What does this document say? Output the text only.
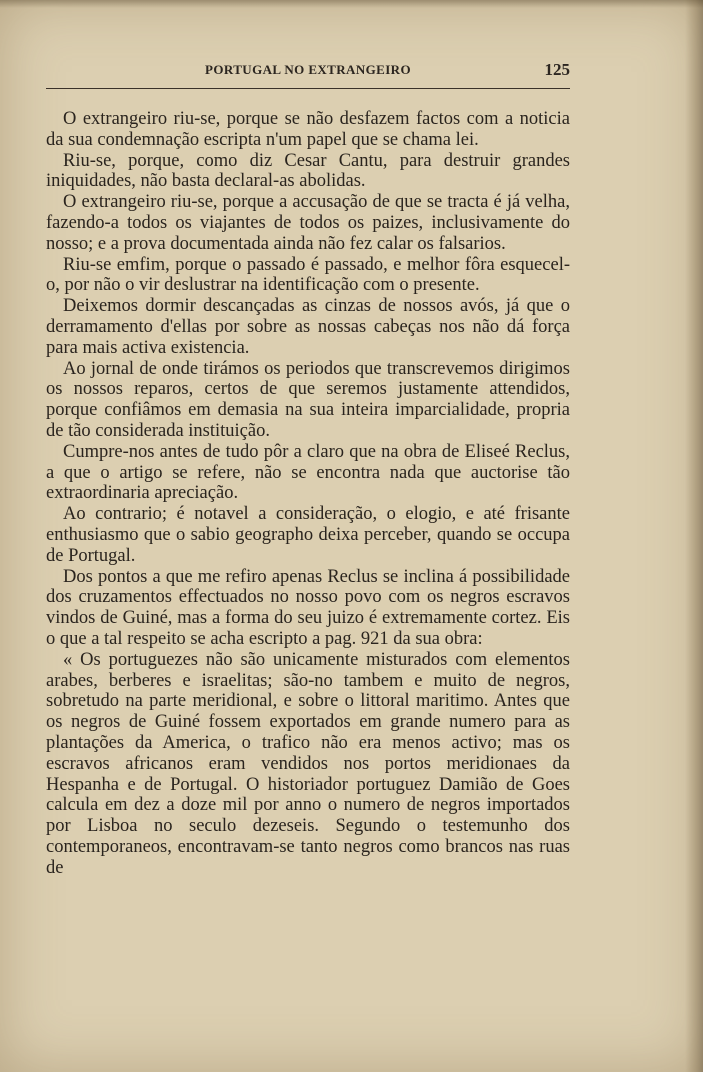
PORTUGAL NO EXTRANGEIRO	125

O extrangeiro riu-se, porque se não desfazem factos com a noticia da sua condemnação escripta n'um papel que se chama lei.

Riu-se, porque, como diz Cesar Cantu, para destruir grandes iniquidades, não basta declaral-as abolidas.

O extrangeiro riu-se, porque a accusação de que se tracta é já velha, fazendo-a todos os viajantes de todos os paizes, inclusivamente do nosso; e a prova documentada ainda não fez calar os falsarios.

Riu-se emfim, porque o passado é passado, e melhor fôra esquecel-o, por não o vir deslustrar na identificação com o presente.

Deixemos dormir descançadas as cinzas de nossos avós, já que o derramamento d'ellas por sobre as nossas cabeças nos não dá força para mais activa existencia.

Ao jornal de onde tirámos os periodos que transcrevemos dirigimos os nossos reparos, certos de que seremos justamente attendidos, porque confiâmos em demasia na sua inteira imparcialidade, propria de tão considerada instituição.

Cumpre-nos antes de tudo pôr a claro que na obra de Eliseé Reclus, a que o artigo se refere, não se encontra nada que auctorise tão extraordinaria apreciação.

Ao contrario; é notavel a consideração, o elogio, e até frisante enthusiasmo que o sabio geographo deixa perceber, quando se occupa de Portugal.

Dos pontos a que me refiro apenas Reclus se inclina á possibilidade dos cruzamentos effectuados no nosso povo com os negros escravos vindos de Guiné, mas a forma do seu juizo é extremamente cortez. Eis o que a tal respeito se acha escripto a pag. 921 da sua obra:

« Os portuguezes não são unicamente misturados com elementos arabes, berberes e israelitas; são-no tambem e muito de negros, sobretudo na parte meridional, e sobre o littoral maritimo. Antes que os negros de Guiné fossem exportados em grande numero para as plantações da America, o trafico não era menos activo; mas os escravos africanos eram vendidos nos portos meridionaes da Hespanha e de Portugal. O historiador portuguez Damião de Goes calcula em dez a doze mil por anno o numero de negros importados por Lisboa no seculo dezeseis. Segundo o testemunho dos contemporaneos, encontravam-se tanto negros como brancos nas ruas de
